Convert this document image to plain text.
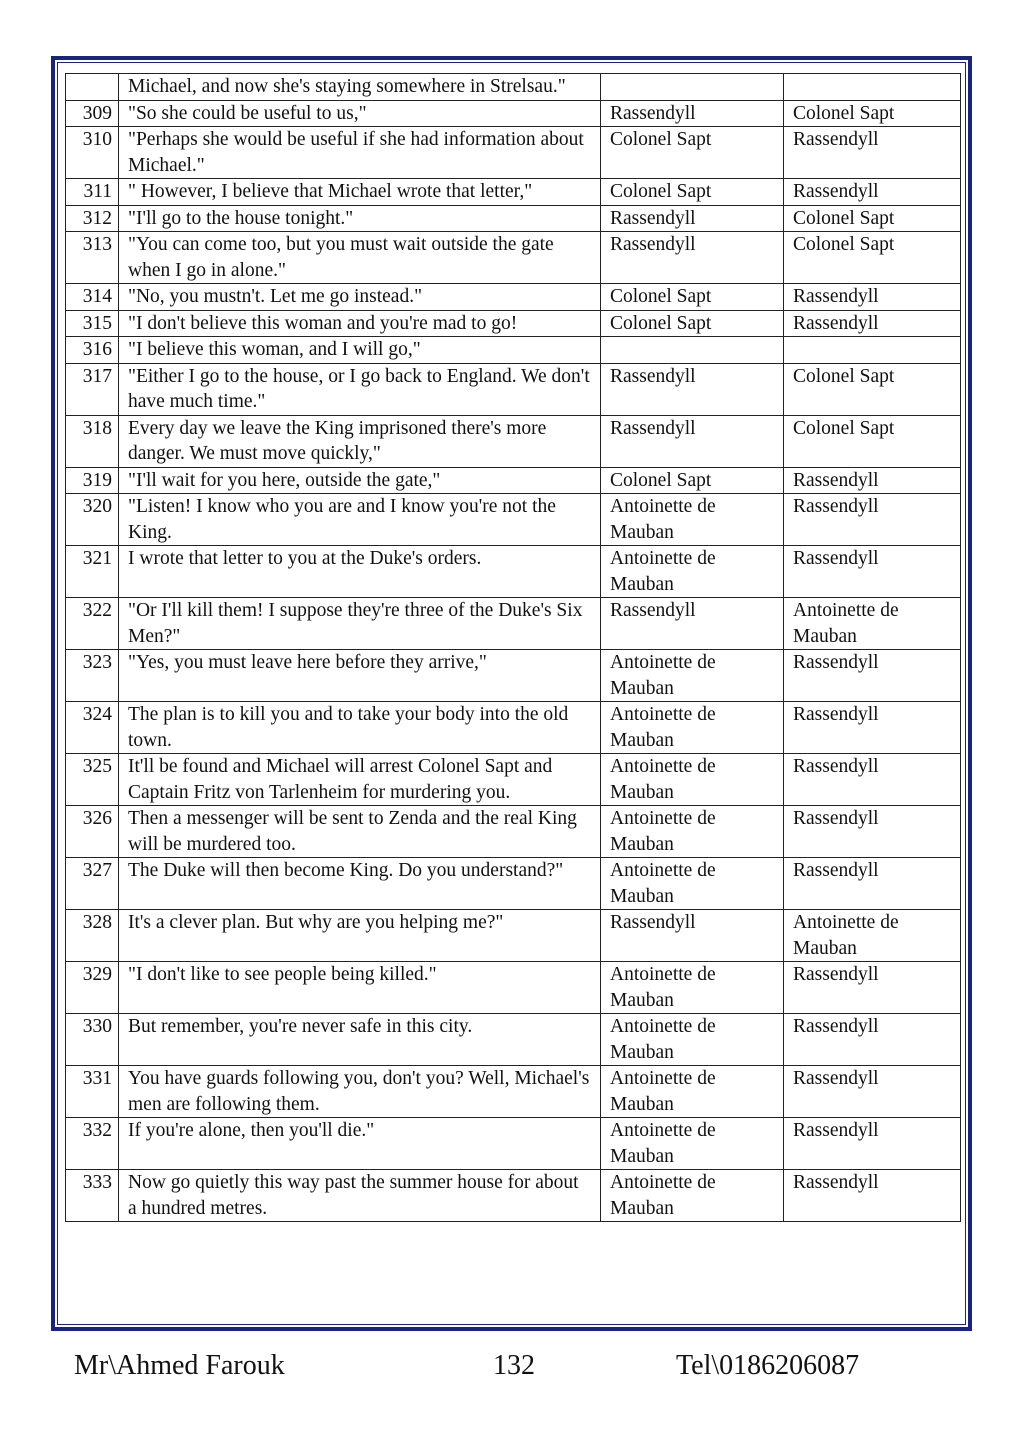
	Michael, and now she's staying somewhere in Strelsau."		
309	"So she could be useful to us,"	Rassendyll	Colonel Sapt
310	"Perhaps she would be useful if she had information about Michael."	Colonel Sapt	Rassendyll
311	" However, I believe that Michael wrote that letter,"	Colonel Sapt	Rassendyll
312	"I'll go to the house tonight."	Rassendyll	Colonel Sapt
313	"You can come too, but you must wait outside the gate when I go in alone."	Rassendyll	Colonel Sapt
314	"No, you mustn't. Let me go instead."	Colonel Sapt	Rassendyll
315	"I don't believe this woman and you're mad to go!	Colonel Sapt	Rassendyll
316	"I believe this woman, and I will go,"		
317	"Either I go to the house, or I go back to England. We don't have much time."	Rassendyll	Colonel Sapt
318	Every day we leave the King imprisoned there's more danger. We must move quickly,"	Rassendyll	Colonel Sapt
319	"I'll wait for you here, outside the gate,"	Colonel Sapt	Rassendyll
320	"Listen! I know who you are and I know you're not the King.	Antoinette de Mauban	Rassendyll
321	I wrote that letter to you at the Duke's orders.	Antoinette de Mauban	Rassendyll
322	"Or I'll kill them! I suppose they're three of the Duke's Six Men?"	Rassendyll	Antoinette de Mauban
323	"Yes, you must leave here before they arrive,"	Antoinette de Mauban	Rassendyll
324	The plan is to kill you and to take your body into the old town.	Antoinette de Mauban	Rassendyll
325	It'll be found and Michael will arrest Colonel Sapt and Captain Fritz von Tarlenheim for murdering you.	Antoinette de Mauban	Rassendyll
326	Then a messenger will be sent to Zenda and the real King will be murdered too.	Antoinette de Mauban	Rassendyll
327	The Duke will then become King. Do you understand?"	Antoinette de Mauban	Rassendyll
328	It's a clever plan. But why are you helping me?"	Rassendyll	Antoinette de Mauban
329	"I don't like to see people being killed."	Antoinette de Mauban	Rassendyll
330	But remember, you're never safe in this city.	Antoinette de Mauban	Rassendyll
331	You have guards following you, don't you? Well, Michael's men are following them.	Antoinette de Mauban	Rassendyll
332	If you're alone, then you'll die."	Antoinette de Mauban	Rassendyll
333	Now go quietly this way past the summer house for about a hundred metres.	Antoinette de Mauban	Rassendyll
Mr\Ahmed Farouk	132	Tel\0186206087
